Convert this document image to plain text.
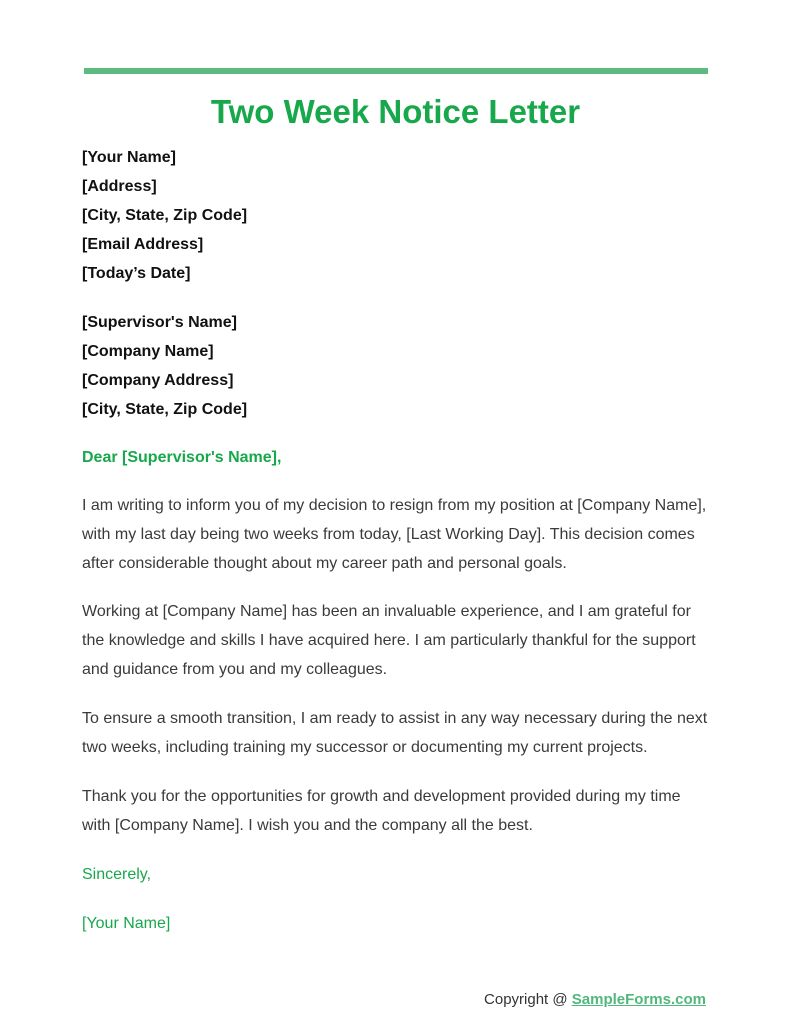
Two Week Notice Letter
[Your Name]
[Address]
[City, State, Zip Code]
[Email Address]
[Today’s Date]
[Supervisor's Name]
[Company Name]
[Company Address]
[City, State, Zip Code]
Dear [Supervisor's Name],

I am writing to inform you of my decision to resign from my position at [Company Name], with my last day being two weeks from today, [Last Working Day]. This decision comes after considerable thought about my career path and personal goals.

Working at [Company Name] has been an invaluable experience, and I am grateful for the knowledge and skills I have acquired here. I am particularly thankful for the support and guidance from you and my colleagues.

To ensure a smooth transition, I am ready to assist in any way necessary during the next two weeks, including training my successor or documenting my current projects.

Thank you for the opportunities for growth and development provided during my time with [Company Name]. I wish you and the company all the best.

Sincerely,
[Your Name]
Copyright @ SampleForms.com
